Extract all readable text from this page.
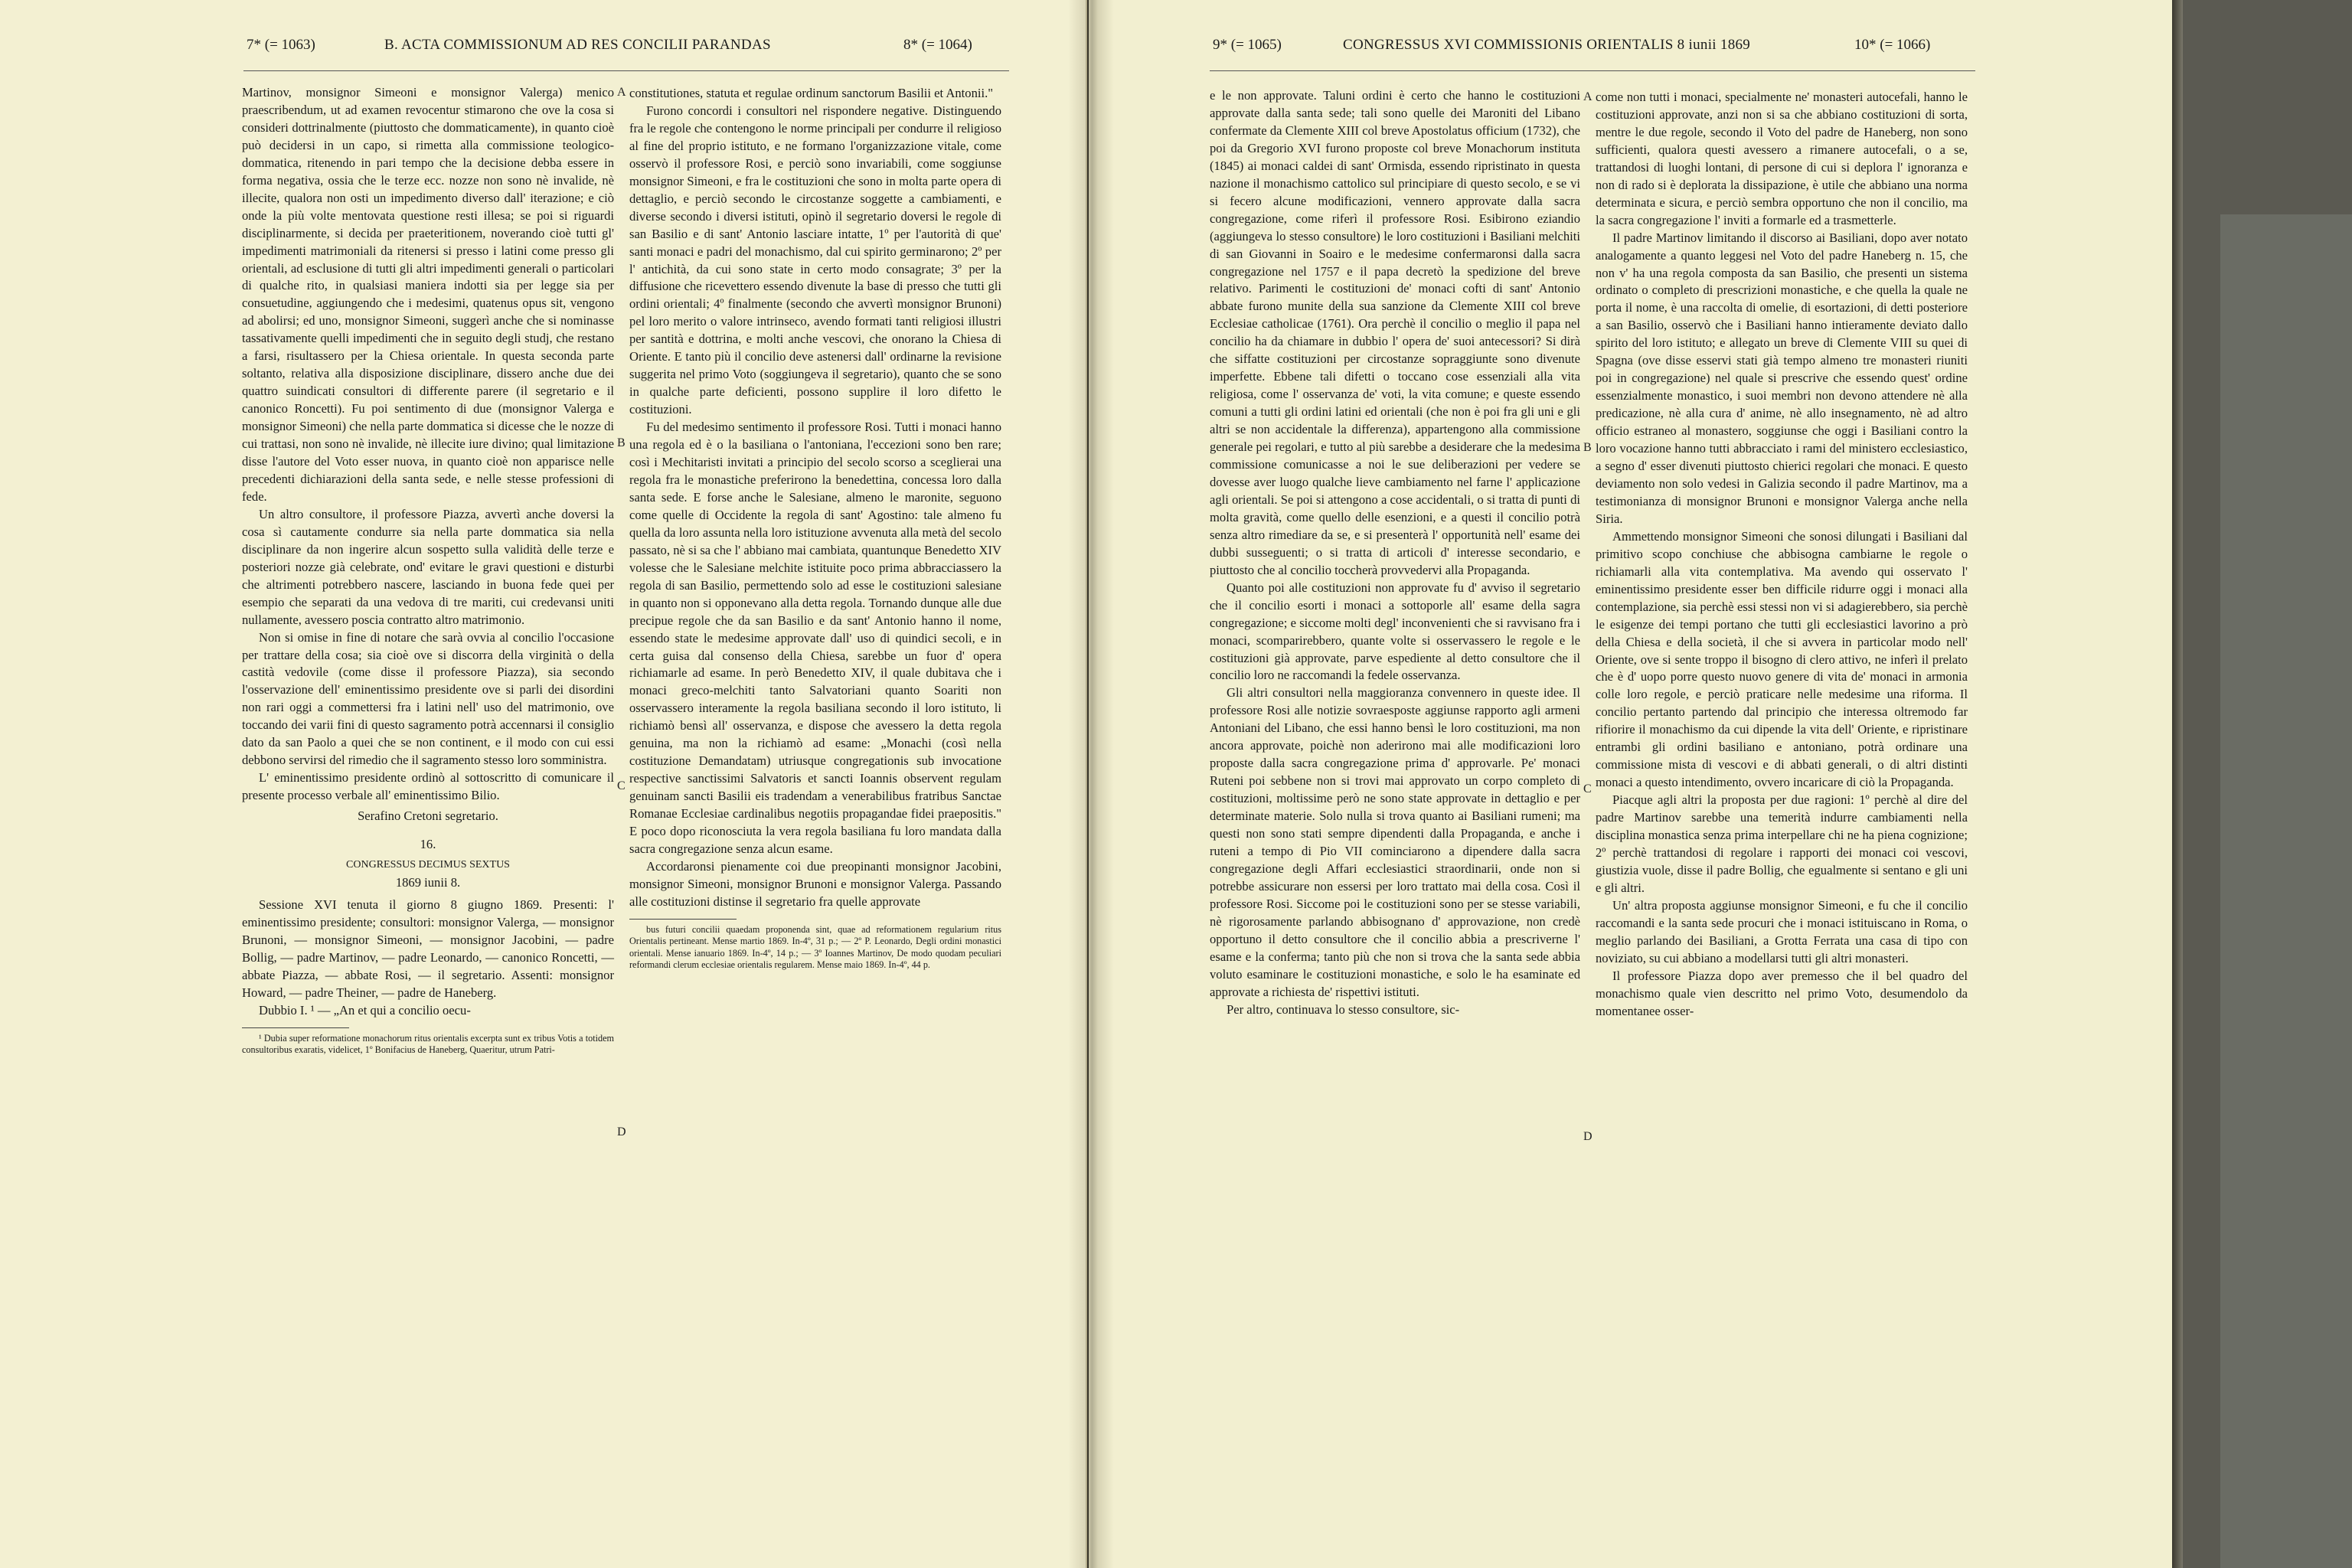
7* (= 1063)	B. ACTA COMMISSIONUM AD RES CONCILII PARANDAS	8* (= 1064)

Martinov, monsignor Simeoni e monsignor Valerga) menico praescribendum, ut ad examen revocentur stimarono che ove la cosa si consideri dottrinalmente (piuttosto che dommaticamente), in quanto cioè può decidersi in un capo, si rimetta alla commissione teologico-dommatica, ritenendo in pari tempo che la decisione debba essere in forma negativa, ossia che le terze ecc. nozze non sono nè invalide, nè illecite, qualora non osti un impedimento diverso dall' iterazione; e ciò onde la più volte mentovata questione resti illesa; se poi si riguardi disciplinarmente, si decida per praeteritionem, noverando cioè tutti gl' impedimenti matrimoniali da ritenersi si presso i latini come presso gli orientali, ad esclusione di tutti gli altri impedimenti generali o particolari di qualche rito, in qualsiasi maniera indotti sia per legge sia per consuetudine, aggiungendo che i medesimi, quatenus opus sit, vengono ad abolirsi; ed uno, monsignor Simeoni, suggerì anche che si nominasse tassativamente quelli impedimenti che in seguito degli studj, che restano a farsi, risultassero per la Chiesa orientale. In questa seconda parte soltanto, relativa alla disposizione disciplinare, dissero anche due dei quattro suindicati consultori di differente parere (il segretario e il canonico Roncetti). Fu poi sentimento di due (monsignor Valerga e monsignor Simeoni) che nella parte dommatica si dicesse che le nozze di cui trattasi, non sono nè invalide, nè illecite iure divino; qual limitazione disse l'autore del Voto esser nuova, in quanto cioè non apparisce nelle precedenti dichiarazioni della santa sede, e nelle stesse professioni di fede.

Un altro consultore, il professore Piazza, avvertì anche doversi la cosa sì cautamente condurre sia nella parte dommatica sia nella disciplinare da non ingerire alcun sospetto sulla validità delle terze e posteriori nozze già celebrate, ond' evitare le gravi questioni e disturbi che altrimenti potrebbero nascere, lasciando in buona fede quei per esempio che separati da una vedova di tre mariti, cui credevansi uniti nullamente, avessero poscia contratto altro matrimonio.

Non si omise in fine di notare che sarà ovvia al concilio l'occasione per trattare della cosa; sia cioè ove si discorra della virginità o della castità vedovile (come disse il professore Piazza), sia secondo l'osservazione dell' eminentissimo presidente ove si parli dei disordini non rari oggi a commettersi fra i latini nell' uso del matrimonio, ove toccando dei varii fini di questo sagramento potrà accennarsi il consiglio dato da san Paolo a quei che se non continent, e il modo con cui essi debbono servirsi del rimedio che il sagramento stesso loro somministra.

L' eminentissimo presidente ordinò al sottoscritto di comunicare il presente processo verbale all' eminentissimo Bilio.

Serafino Cretoni segretario.

16.

CONGRESSUS DECIMUS SEXTUS

1869 iunii 8.

Sessione XVI tenuta il giorno 8 giugno 1869. Presenti: l' eminentissimo presidente; consultori: monsignor Valerga, — monsignor Brunoni, — monsignor Simeoni, — monsignor Jacobini, — padre Bollig, — padre Martinov, — padre Leonardo, — canonico Roncetti, — abbate Piazza, — abbate Rosi, — il segretario. Assenti: monsignor Howard, — padre Theiner, — padre de Haneberg.

Dubbio I. ¹ — „An et qui a concilio oecu-

¹ Dubia super reformatione monachorum ritus orientalis excerpta sunt ex tribus Votis a totidem consultoribus exaratis, videlicet, 1º Bonifacius de Haneberg, Quaeritur, utrum Patri-

constitutiones, statuta et regulae ordinum sanctorum Basilii et Antonii."

Furono concordi i consultori nel rispondere negative. Distinguendo fra le regole che contengono le norme principali per condurre il religioso al fine del proprio istituto, e ne formano l'organizzazione vitale, come osservò il professore Rosi, e perciò sono invariabili, come soggiunse monsignor Simeoni, e fra le costituzioni che sono in molta parte opera di dettaglio, e perciò secondo le circostanze soggette a cambiamenti, e diverse secondo i diversi istituti, opinò il segretario doversi le regole di san Basilio e di sant' Antonio lasciare intatte, 1º per l'autorità di que' santi monaci e padri del monachismo, dal cui spirito germinarono; 2º per l' antichità, da cui sono state in certo modo consagrate; 3º per la diffusione che ricevettero essendo divenute la base di presso che tutti gli ordini orientali; 4º finalmente (secondo che avvertì monsignor Brunoni) pel loro merito o valore intrinseco, avendo formati tanti religiosi illustri per santità e dottrina, e molti anche vescovi, che onorano la Chiesa di Oriente. E tanto più il concilio deve astenersi dall' ordinarne la revisione suggerita nel primo Voto (soggiungeva il segretario), quanto che se sono in qualche parte deficienti, possono supplire il loro difetto le costituzioni.

Fu del medesimo sentimento il professore Rosi. Tutti i monaci hanno una regola ed è o la basiliana o l'antoniana, l'eccezioni sono ben rare; così i Mechitaristi invitati a principio del secolo scorso a sceglierai una regola fra le monastiche preferirono la benedettina, concessa loro dalla santa sede. E forse anche le Salesiane, almeno le maronite, seguono come quelle di Occidente la regola di sant' Agostino: tale almeno fu quella da loro assunta nella loro istituzione avvenuta alla metà del secolo passato, nè si sa che l' abbiano mai cambiata, quantunque Benedetto XIV volesse che le Salesiane melchite istituite poco prima abbracciassero la regola di san Basilio, permettendo solo ad esse le costituzioni salesiane in quanto non si opponevano alla detta regola. Tornando dunque alle due precipue regole che da san Basilio e da sant' Antonio hanno il nome, essendo state le medesime approvate dall' uso di quindici secoli, e in certa guisa dal consenso della Chiesa, sarebbe un fuor d' opera richiamarle ad esame. In però Benedetto XIV, il quale dubitava che i monaci greco-melchiti tanto Salvatoriani quanto Soariti non osservassero interamente la regola basiliana secondo il loro istituto, li richiamò bensì all' osservanza, e dispose che avessero la detta regola genuina, ma non la richiamò ad esame: „Monachi (così nella costituzione Demandatam) utriusque congregationis sub invocatione respective sanctissimi Salvatoris et sancti Ioannis observent regulam genuinam sancti Basilii eis tradendam a venerabilibus fratribus Sanctae Romanae Ecclesiae cardinalibus negotiis propagandae fidei praepositis." E poco dopo riconosciuta la vera regola basiliana fu loro mandata dalla sacra congregazione senza alcun esame.

Accordaronsi pienamente coi due preopinanti monsignor Jacobini, monsignor Simeoni, monsignor Brunoni e monsignor Valerga. Passando alle costituzioni distinse il segretario fra quelle approvate

bus futuri concilii quaedam proponenda sint, quae ad reformationem regularium ritus Orientalis pertineant. Mense martio 1869. In-4º, 31 p.; — 2º P. Leonardo, Degli ordini monastici orientali. Mense ianuario 1869. In-4º, 14 p.; — 3º Ioannes Martinov, De modo quodam peculiari reformandi clerum ecclesiae orientalis regularem. Mense maio 1869. In-4º, 44 p.

A
B
C
D
9* (= 1065)	CONGRESSUS XVI COMMISSIONIS ORIENTALIS 8 iunii 1869	10* (= 1066)

e le non approvate. Taluni ordini è certo che hanno le costituzioni approvate dalla santa sede; tali sono quelle dei Maroniti del Libano confermate da Clemente XIII col breve Apostolatus officium (1732), che poi da Gregorio XVI furono proposte col breve Monachorum instituta (1845) ai monaci caldei di sant' Ormisda, essendo ripristinato in questa nazione il monachismo cattolico sul principiare di questo secolo, e se vi si fecero alcune modificazioni, vennero approvate dalla sacra congregazione, come riferì il professore Rosi. Esibirono eziandio (aggiungeva lo stesso consultore) le loro costituzioni i Basiliani melchiti di san Giovanni in Soairo e le medesime confermaronsi dalla sacra congregazione nel 1757 e il papa decretò la spedizione del breve relativo. Parimenti le costituzioni de' monaci cofti di sant' Antonio abbate furono munite della sua sanzione da Clemente XIII col breve Ecclesiae catholicae (1761). Ora perchè il concilio o meglio il papa nel concilio ha da chiamare in dubbio l' opera de' suoi antecessori? Si dirà che siffatte costituzioni per circostanze sopraggiunte sono divenute imperfette. Ebbene tali difetti o toccano cose essenziali alla vita religiosa, come l' osservanza de' voti, la vita comune; e queste essendo comuni a tutti gli ordini latini ed orientali (che non è poi fra gli uni e gli altri se non accidentale la differenza), appartengono alla commissione generale pei regolari, e tutto al più sarebbe a desiderare che la medesima commissione comunicasse a noi le sue deliberazioni per vedere se dovesse aver luogo qualche lieve cambiamento nel farne l' applicazione agli orientali. Se poi si attengono a cose accidentali, o si tratta di punti di molta gravità, come quello delle esenzioni, e a questi il concilio potrà senza altro rimediare da se, e si presenterà l' opportunità nell' esame dei dubbi susseguenti; o si tratta di articoli d' interesse secondario, e piuttosto che al concilio toccherà provvedervi alla Propaganda.

Quanto poi alle costituzioni non approvate fu d' avviso il segretario che il concilio esorti i monaci a sottoporle all' esame della sagra congregazione; e siccome molti degl' inconvenienti che si ravvisano fra i monaci, scomparirebbero, quante volte si osservassero le regole e le costituzioni già approvate, parve espediente al detto consultore che il concilio loro ne raccomandi la fedele osservanza.

Gli altri consultori nella maggioranza convennero in queste idee. Il professore Rosi alle notizie sovraesposte aggiunse rapporto agli armeni Antoniani del Libano, che essi hanno bensì le loro costituzioni, ma non ancora approvate, poichè non aderirono mai alle modificazioni loro proposte dalla sacra congregazione prima d' approvarle. Pe' monaci Ruteni poi sebbene non si trovi mai approvato un corpo completo di costituzioni, moltissime però ne sono state approvate in dettaglio e per determinate materie. Solo nulla si trova quanto ai Basiliani rumeni; ma questi non sono stati sempre dipendenti dalla Propaganda, e anche i ruteni a tempo di Pio VII cominciarono a dipendere dalla sacra congregazione degli Affari ecclesiastici straordinarii, onde non si potrebbe assicurare non essersi per loro trattato mai della cosa. Così il professore Rosi. Siccome poi le costituzioni sono per se stesse variabili, nè rigorosamente parlando abbisognano d' approvazione, non credè opportuno il detto consultore che il concilio abbia a prescriverne l' esame e la conferma; tanto più che non si trova che la santa sede abbia voluto esaminare le costituzioni monastiche, e solo le ha esaminate ed approvate a richiesta de' rispettivi istituti.

Per altro, continuava lo stesso consultore, sic-

come non tutti i monaci, specialmente ne' monasteri autocefali, hanno le costituzioni approvate, anzi non si sa che abbiano costituzioni di sorta, mentre le due regole, secondo il Voto del padre de Haneberg, non sono sufficienti, qualora questi avessero a rimanere autocefali, o a se, trattandosi di luoghi lontani, di persone di cui si deplora l' ignoranza e non di rado si è deplorata la dissipazione, è utile che abbiano una norma determinata e sicura, e perciò sembra opportuno che non il concilio, ma la sacra congregazione l' inviti a formarle ed a trasmetterle.

Il padre Martinov limitando il discorso ai Basiliani, dopo aver notato analogamente a quanto leggesi nel Voto del padre Haneberg n. 15, che non v' ha una regola composta da san Basilio, che presenti un sistema ordinato o completo di prescrizioni monastiche, e che quella la quale ne porta il nome, è una raccolta di omelie, di esortazioni, di detti posteriore a san Basilio, osservò che i Basiliani hanno intieramente deviato dallo spirito del loro istituto; e allegato un breve di Clemente VIII su quei di Spagna (ove disse esservi stati già tempo almeno tre monasteri riuniti poi in congregazione) nel quale si prescrive che essendo quest' ordine essenzialmente monastico, i suoi membri non devono attendere nè alla predicazione, nè alla cura d' anime, nè allo insegnamento, nè ad altro officio estraneo al monastero, soggiunse che oggi i Basiliani contro la loro vocazione hanno tutti abbracciato i rami del ministero ecclesiastico, a segno d' esser divenuti piuttosto chierici regolari che monaci. E questo deviamento non solo vedesi in Galizia secondo il padre Martinov, ma a testimonianza di monsignor Brunoni e monsignor Valerga anche nella Siria.

Ammettendo monsignor Simeoni che sonosi dilungati i Basiliani dal primitivo scopo conchiuse che abbisogna cambiarne le regole o richiamarli alla vita contemplativa. Ma avendo qui osservato l' eminentissimo presidente esser ben difficile ridurre oggi i monaci alla contemplazione, sia perchè essi stessi non vi si adagierebbero, sia perchè le esigenze dei tempi portano che tutti gli ecclesiastici lavorino a prò della Chiesa e della società, il che si avvera in particolar modo nell' Oriente, ove si sente troppo il bisogno di clero attivo, ne inferì il prelato che è d' uopo porre questo nuovo genere di vita de' monaci in armonia colle loro regole, e perciò praticare nelle medesime una riforma. Il concilio pertanto partendo dal principio che interessa oltremodo far rifiorire il monachismo da cui dipende la vita dell' Oriente, e ripristinare entrambi gli ordini basiliano e antoniano, potrà ordinare una commissione mista di vescovi e di abbati generali, o di altri distinti monaci a questo intendimento, ovvero incaricare di ciò la Propaganda.

Piacque agli altri la proposta per due ragioni: 1º perchè al dire del padre Martinov sarebbe una temerità indurre cambiamenti nella disciplina monastica senza prima interpellare chi ne ha piena cognizione; 2º perchè trattandosi di regolare i rapporti dei monaci coi vescovi, giustizia vuole, disse il padre Bollig, che egualmente si sentano e gli uni e gli altri.

Un' altra proposta aggiunse monsignor Simeoni, e fu che il concilio raccomandi e la santa sede procuri che i monaci istituiscano in Roma, o meglio parlando dei Basiliani, a Grotta Ferrata una casa di tipo con noviziato, su cui abbiano a modellarsi tutti gli altri monasteri.

Il professore Piazza dopo aver premesso che il bel quadro del monachismo quale vien descritto nel primo Voto, desumendolo da momentanee osser-

A
B
C
D
